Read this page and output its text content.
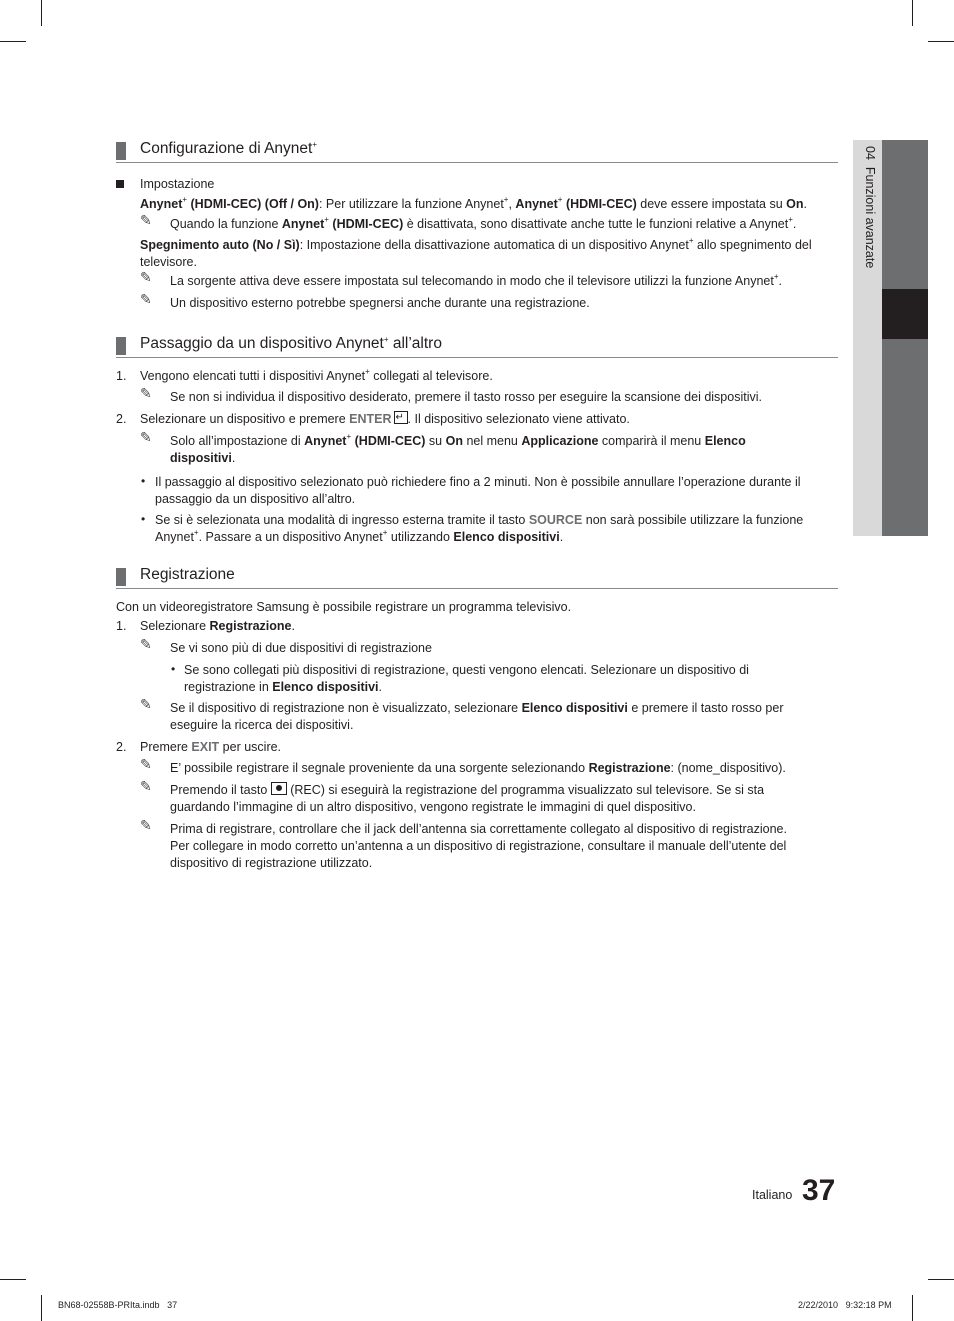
04  Funzioni avanzate
Configurazione di Anynet+
Impostazione
Anynet+ (HDMI-CEC) (Off / On): Per utilizzare la funzione Anynet+, Anynet+ (HDMI-CEC) deve essere impostata su On.
✎ Quando la funzione Anynet+ (HDMI-CEC) è disattivata, sono disattivate anche tutte le funzioni relative a Anynet+.
Spegnimento auto (No / Sì): Impostazione della disattivazione automatica di un dispositivo Anynet+ allo spegnimento del
televisore.
✎ La sorgente attiva deve essere impostata sul telecomando in modo che il televisore utilizzi la funzione Anynet+.
✎ Un dispositivo esterno potrebbe spegnersi anche durante una registrazione.
Passaggio da un dispositivo Anynet+ all’altro
1. Vengono elencati tutti i dispositivi Anynet+ collegati al televisore.
✎ Se non si individua il dispositivo desiderato, premere il tasto rosso per eseguire la scansione dei dispositivi.
2. Selezionare un dispositivo e premere ENTER↵ . Il dispositivo selezionato viene attivato.
✎ Solo all’impostazione di Anynet+ (HDMI-CEC) su On nel menu Applicazione comparirà il menu Elenco
dispositivi.
• Il passaggio al dispositivo selezionato può richiedere fino a 2 minuti. Non è possibile annullare l’operazione durante il
passaggio da un dispositivo all’altro.
• Se si è selezionata una modalità di ingresso esterna tramite il tasto SOURCE non sarà possibile utilizzare la funzione
Anynet+. Passare a un dispositivo Anynet+ utilizzando Elenco dispositivi.
Registrazione
Con un videoregistratore Samsung è possibile registrare un programma televisivo.
1. Selezionare Registrazione.
✎ Se vi sono più di due dispositivi di registrazione
• Se sono collegati più dispositivi di registrazione, questi vengono elencati. Selezionare un dispositivo di
registrazione in Elenco dispositivi.
✎ Se il dispositivo di registrazione non è visualizzato, selezionare Elenco dispositivi e premere il tasto rosso per
eseguire la ricerca dei dispositivi.
2. Premere EXIT per uscire.
✎ E’ possibile registrare il segnale proveniente da una sorgente selezionando Registrazione: (nome_dispositivo).
✎ Premendo il tasto  (REC) si eseguirà la registrazione del programma visualizzato sul televisore. Se si sta
guardando l’immagine di un altro dispositivo, vengono registrate le immagini di quel dispositivo.
✎ Prima di registrare, controllare che il jack dell’antenna sia correttamente collegato al dispositivo di registrazione.
Per collegare in modo corretto un’antenna a un dispositivo di registrazione, consultare il manuale dell’utente del
dispositivo di registrazione utilizzato.
Italiano 37
BN68-02558B-PRIta.indb 37	2/22/2010 9:32:18 PM
